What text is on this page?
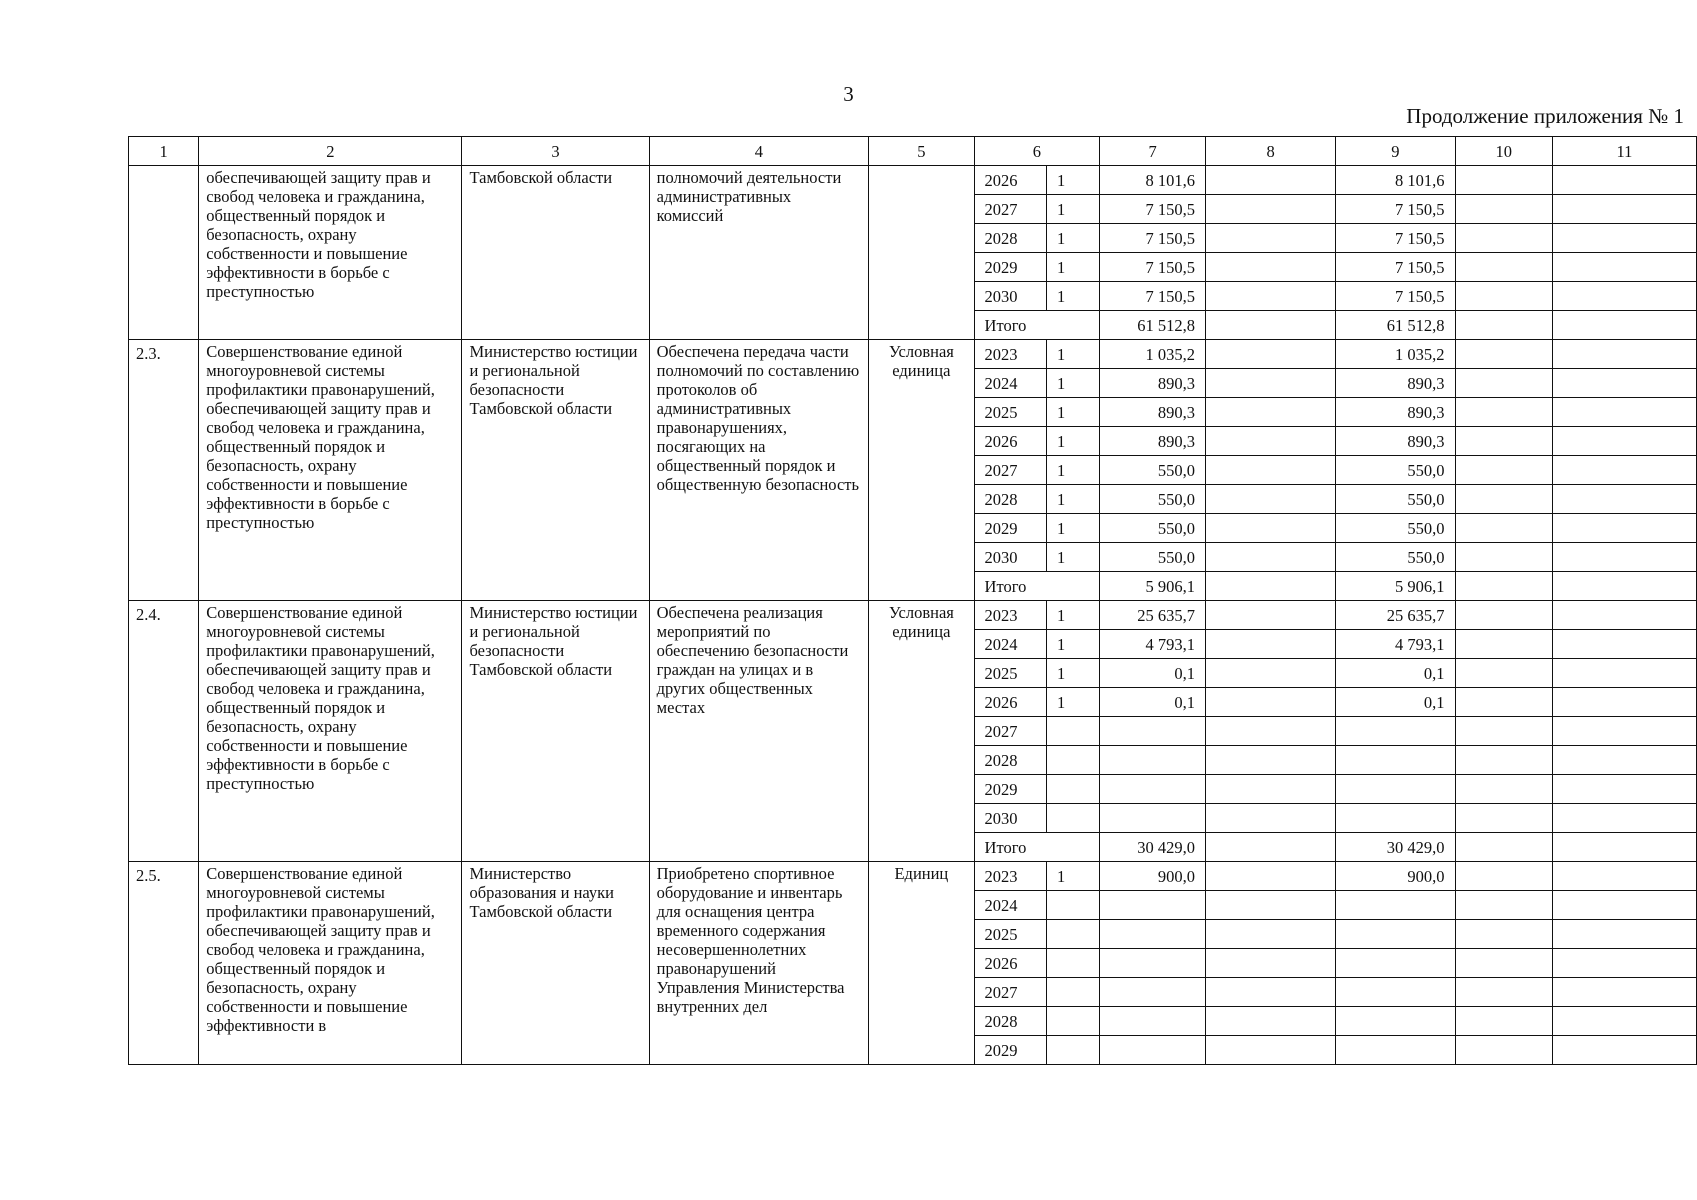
3
Продолжение приложения № 1
1	2	3	4	5	6		7	8	9	10	11
	обеспечивающей защиту прав и свобод человека и гражданина, общественный порядок и безопасность, охрану собственности и повышение эффективности в борьбе с преступностью	Тамбовской области	полномочий деятельности административных комиссий		2026	1	8 101,6		8 101,6		
					2027	1	7 150,5		7 150,5		
					2028	1	7 150,5		7 150,5		
					2029	1	7 150,5		7 150,5		
					2030	1	7 150,5		7 150,5		
					Итого		61 512,8		61 512,8		
2.3.	Совершенствование единой многоуровневой системы профилактики правонарушений, обеспечивающей защиту прав и свобод человека и гражданина, общественный порядок и безопасность, охрану собственности и повышение эффективности в борьбе с преступностью	Министерство юстиции и региональной безопасности Тамбовской области	Обеспечена передача части полномочий по составлению протоколов об административных правонарушениях, посягающих на общественный порядок и общественную безопасность	Условная единица	2023	1	1 035,2		1 035,2		
					2024	1	890,3		890,3		
					2025	1	890,3		890,3		
					2026	1	890,3		890,3		
					2027	1	550,0		550,0		
					2028	1	550,0		550,0		
					2029	1	550,0		550,0		
					2030	1	550,0		550,0		
					Итого		5 906,1		5 906,1		
2.4.	Совершенствование единой многоуровневой системы профилактики правонарушений, обеспечивающей защиту прав и свобод человека и гражданина, общественный порядок и безопасность, охрану собственности и повышение эффективности в борьбе с преступностью	Министерство юстиции и региональной безопасности Тамбовской области	Обеспечена реализация мероприятий по обеспечению безопасности граждан на улицах и в других общественных местах	Условная единица	2023	1	25 635,7		25 635,7		
					2024	1	4 793,1		4 793,1		
					2025	1	0,1		0,1		
					2026	1	0,1		0,1		
					2027						
					2028						
					2029						
					2030						
					Итого		30 429,0		30 429,0		
2.5.	Совершенствование единой многоуровневой системы профилактики правонарушений, обеспечивающей защиту прав и свобод человека и гражданина, общественный порядок и безопасность, охрану собственности и повышение эффективности в	Министерство образования и науки Тамбовской области	Приобретено спортивное оборудование и инвентарь для оснащения центра временного содержания несовершеннолетних правонарушений Управления Министерства внутренних дел	Единиц	2023	1	900,0		900,0		
					2024						
					2025						
					2026						
					2027						
					2028						
					2029						
